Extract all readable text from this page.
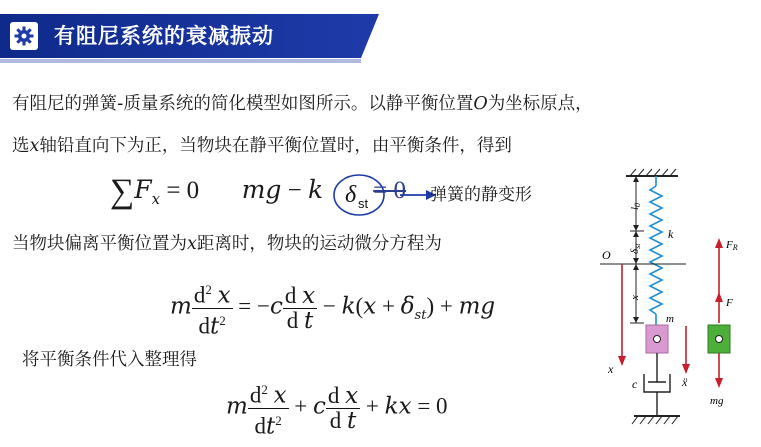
有阻尼系统的衰减振动
有阻尼的弹簧-质量系统的简化模型如图所示。以静平衡位置O为坐标原点，
选x轴铅直向下为正，当物块在静平衡位置时，由平衡条件，得到
$\sum F_x = 0$  mg − k = 0
δ st	弹簧的静变形
当物块偏离平衡位置为x距离时，物块的运动微分方程为
m $\frac{d^2 x}{dt^2} = -c \frac{\text{d x}}{\text{d t}} - k(x + \delta_{st})$ + mg
将平衡条件代入整理得
m $\frac{d^2 x}{dt^2} + c \frac{\text{d x}}{\text{d t}}$ + kx = 0
l0
δst
x
k
O
x
m
c	ẍ
FR
F
mg
